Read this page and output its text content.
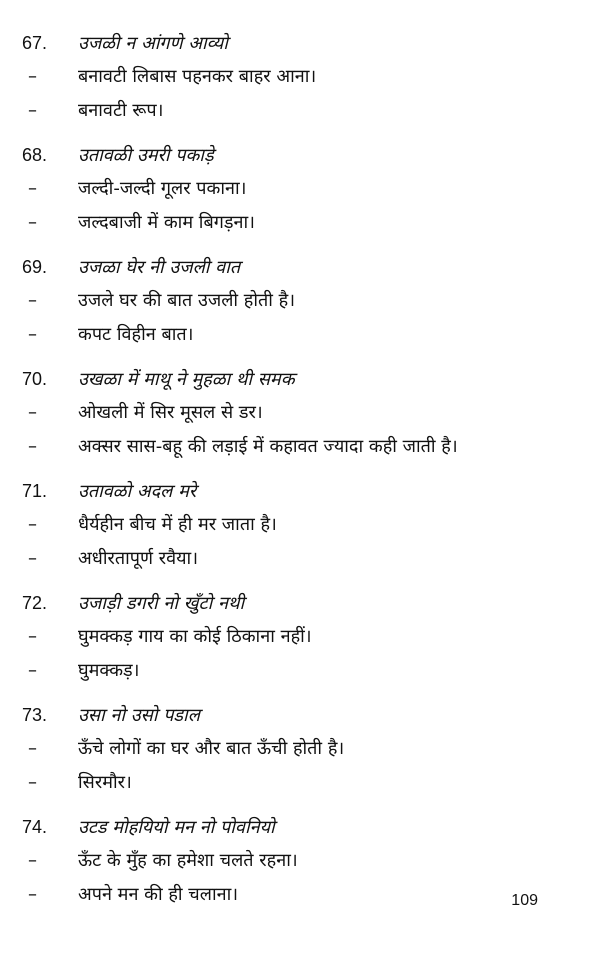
67.	उजळी न आंगणे आव्यो
–	बनावटी लिबास पहनकर बाहर आना।
–	बनावटी रूप।
68.	उतावळी उमरी पकाड़े
–	जल्दी-जल्दी गूलर पकाना।
–	जल्दबाजी में काम बिगड़ना।
69.	उजळा घेर नी उजली वात
–	उजले घर की बात उजली होती है।
–	कपट विहीन बात।
70.	उखळा में माथू ने मुहळा थी समक
–	ओखली में सिर मूसल से डर।
–	अक्सर सास-बहू की लड़ाई में कहावत ज्यादा कही जाती है।
71.	उतावळो अदल मरे
–	धैर्यहीन बीच में ही मर जाता है।
–	अधीरतापूर्ण रवैया।
72.	उजाड़ी डगरी नो खुँटो नथी
–	घुमक्कड़ गाय का कोई ठिकाना नहीं।
–	घुमक्कड़।
73.	उसा नो उसो पडाल
–	ऊँचे लोगों का घर और बात ऊँची होती है।
–	सिरमौर।
74.	उटड मोहयियो मन नो पोवनियो
–	ऊँट के मुँह का हमेशा चलते रहना।
–	अपने मन की ही चलाना।	109
